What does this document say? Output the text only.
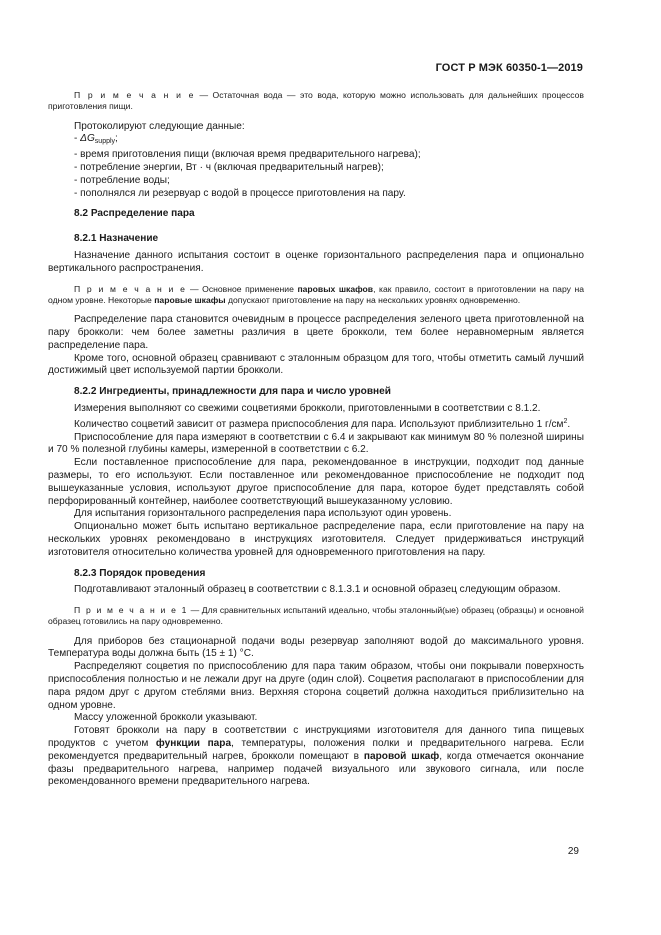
ГОСТ Р МЭК 60350-1—2019

П р и м е ч а н и е — Остаточная вода — это вода, которую можно использовать для дальнейших процессов приготовления пищи.

Протоколируют следующие данные:

- $\Delta G_{supply}$;
- время приготовления пищи (включая время предварительного нагрева);
- потребление энергии, Вт · ч (включая предварительный нагрев);
- потребление воды;
- пополнялся ли резервуар с водой в процессе приготовления на пару.

8.2 Распределение пара

8.2.1 Назначение

Назначение данного испытания состоит в оценке горизонтального распределения пара и опционально вертикального распространения.

П р и м е ч а н и е — Основное применение паровых шкафов, как правило, состоит в приготовлении на пару на одном уровне. Некоторые паровые шкафы допускают приготовление на пару на нескольких уровнях одновременно.

Распределение пара становится очевидным в процессе распределения зеленого цвета приготовленной на пару брокколи: чем более заметны различия в цвете брокколи, тем более неравномерным является распределение пара.

Кроме того, основной образец сравнивают с эталонным образцом для того, чтобы отметить самый лучший достижимый цвет используемой партии брокколи.

8.2.2 Ингредиенты, принадлежности для пара и число уровней

Измерения выполняют со свежими соцветиями брокколи, приготовленными в соответствии с 8.1.2.

Количество соцветий зависит от размера приспособления для пара. Используют приблизительно 1 $г/см^2$.

Приспособление для пара измеряют в соответствии с 6.4 и закрывают как минимум 80 % полезной ширины и 70 % полезной глубины камеры, измеренной в соответствии с 6.2.

Если поставленное приспособление для пара, рекомендованное в инструкции, подходит под данные размеры, то его используют. Если поставленное или рекомендованное приспособление не подходит под вышеуказанные условия, используют другое приспособление для пара, которое будет представлять собой перфорированный контейнер, наиболее соответствующий вышеуказанному условию.

Для испытания горизонтального распределения пара используют один уровень.

Опционально может быть испытано вертикальное распределение пара, если приготовление на пару на нескольких уровнях рекомендовано в инструкциях изготовителя. Следует придерживаться инструкций изготовителя относительно количества уровней для одновременного приготовления на пару.

8.2.3 Порядок проведения

Подготавливают эталонный образец в соответствии с 8.1.3.1 и основной образец следующим образом.

П р и м е ч а н и е 1 — Для сравнительных испытаний идеально, чтобы эталонный(ые) образец (образцы) и основной образец готовились на пару одновременно.

Для приборов без стационарной подачи воды резервуар заполняют водой до максимального уровня. Температура воды должна быть (15 ± 1) °С.

Распределяют соцветия по приспособлению для пара таким образом, чтобы они покрывали поверхность приспособления полностью и не лежали друг на друге (один слой). Соцветия располагают в приспособлении для пара рядом друг с другом стеблями вниз. Верхняя сторона соцветий должна находиться приблизительно на одном уровне.

Массу уложенной брокколи указывают.

Готовят брокколи на пару в соответствии с инструкциями изготовителя для данного типа пищевых продуктов с учетом функции пара, температуры, положения полки и предварительного нагрева. Если рекомендуется предварительный нагрев, брокколи помещают в паровой шкаф, когда отмечается окончание фазы предварительного нагрева, например подачей визуального или звукового сигнала, или после рекомендованного времени предварительного нагрева.

29
